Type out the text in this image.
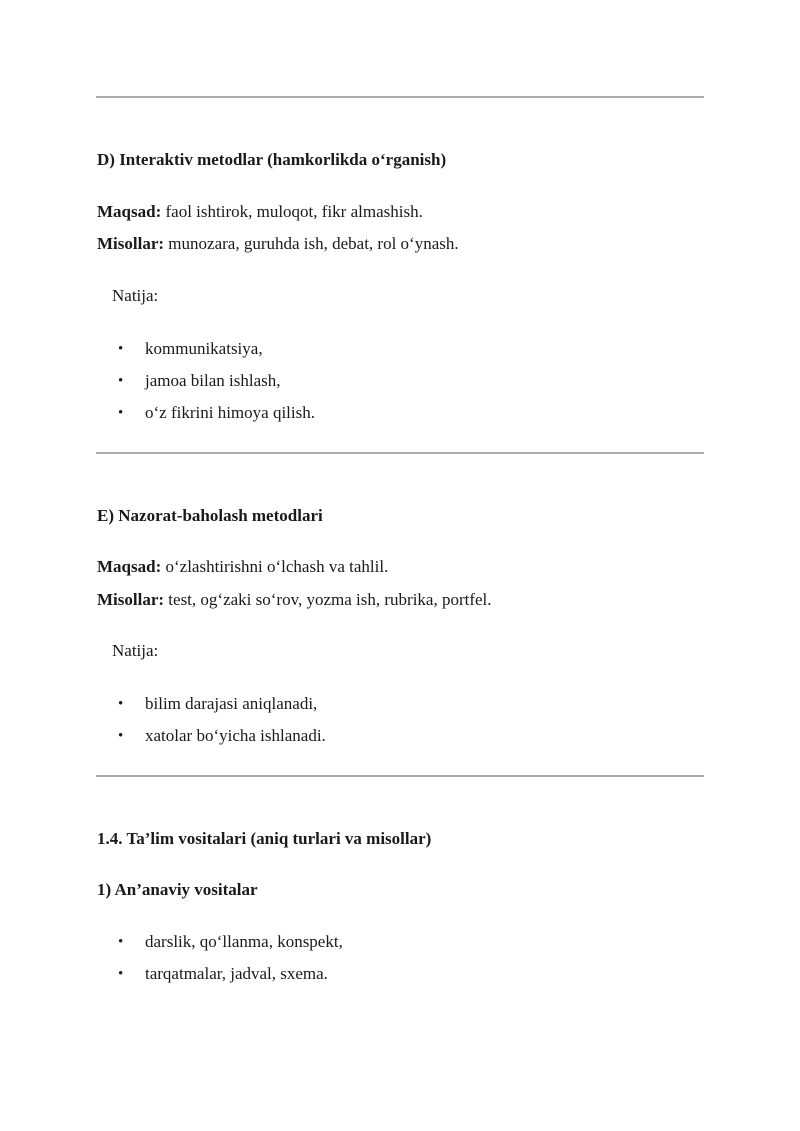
D) Interaktiv metodlar (hamkorlikda o‘rganish)
Maqsad: faol ishtirok, muloqot, fikr almashish.
Misollar: munozara, guruhda ish, debat, rol o‘ynash.
Natija:
• kommunikatsiya,
• jamoa bilan ishlash,
• o‘z fikrini himoya qilish.
E) Nazorat-baholash metodlari
Maqsad: o‘zlashtirishni o‘lchash va tahlil.
Misollar: test, og‘zaki so‘rov, yozma ish, rubrika, portfel.
Natija:
• bilim darajasi aniqlanadi,
• xatolar bo‘yicha ishlanadi.
1.4. Ta’lim vositalari (aniq turlari va misollar)
1) An’anaviy vositalar
• darslik, qo‘llanma, konspekt,
• tarqatmalar, jadval, sxema.
